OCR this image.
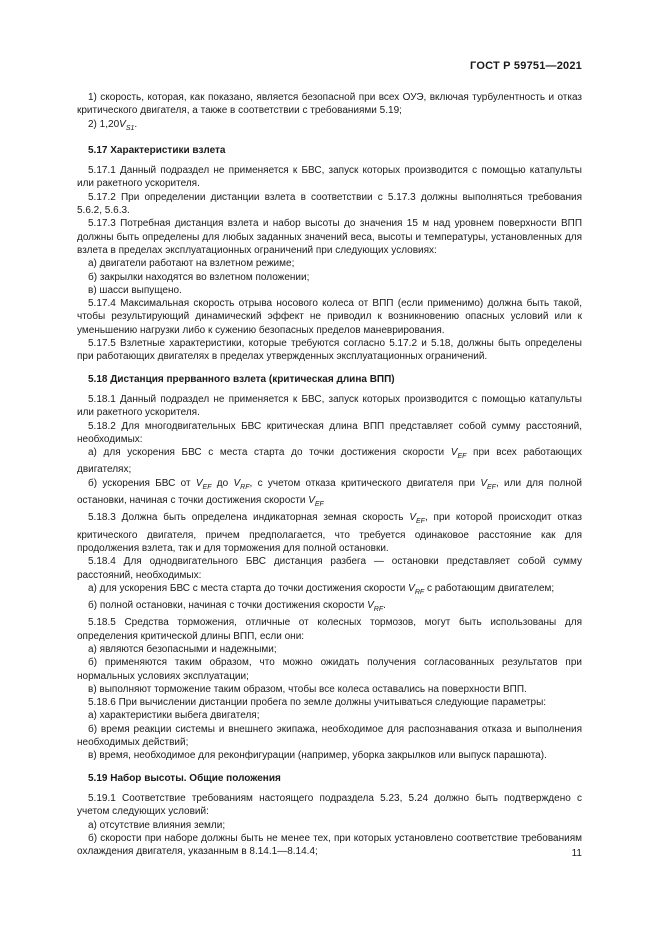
ГОСТ Р 59751—2021

1) скорость, которая, как показано, является безопасной при всех ОУЭ, включая турбулентность и отказ критического двигателя, а также в соответствии с требованиями 5.19;

2) $1,20V_{S1}$.

5.17 Характеристики взлета

5.17.1 Данный подраздел не применяется к БВС, запуск которых производится с помощью катапульты или ракетного ускорителя.

5.17.2 При определении дистанции взлета в соответствии с 5.17.3 должны выполняться требования 5.6.2, 5.6.3.

5.17.3 Потребная дистанция взлета и набор высоты до значения 15 м над уровнем поверхности ВПП должны быть определены для любых заданных значений веса, высоты и температуры, установленных для взлета в пределах эксплуатационных ограничений при следующих условиях:

а) двигатели работают на взлетном режиме;

б) закрылки находятся во взлетном положении;

в) шасси выпущено.

5.17.4 Максимальная скорость отрыва носового колеса от ВПП (если применимо) должна быть такой, чтобы результирующий динамический эффект не приводил к возникновению опасных условий или к уменьшению нагрузки либо к сужению безопасных пределов маневрирования.

5.17.5 Взлетные характеристики, которые требуются согласно 5.17.2 и 5.18, должны быть определены при работающих двигателях в пределах утвержденных эксплуатационных ограничений.

5.18 Дистанция прерванного взлета (критическая длина ВПП)

5.18.1 Данный подраздел не применяется к БВС, запуск которых производится с помощью катапульты или ракетного ускорителя.

5.18.2 Для многодвигательных БВС критическая длина ВПП представляет собой сумму расстояний, необходимых:

а) для ускорения БВС с места старта до точки достижения скорости $V_{EF}$ при всех работающих двигателях;

б) ускорения БВС от $V_{EF}$ до $V_{RF}$, с учетом отказа критического двигателя при $V_{EF}$, или для полной остановки, начиная с точки достижения скорости $V_{EF}$

5.18.3 Должна быть определена индикаторная земная скорость $V_{EF}$, при которой происходит отказ критического двигателя, причем предполагается, что требуется одинаковое расстояние как для продолжения взлета, так и для торможения для полной остановки.

5.18.4 Для однодвигательного БВС дистанция разбега — остановки представляет собой сумму расстояний, необходимых:

а) для ускорения БВС с места старта до точки достижения скорости $V_{RF}$ с работающим двигателем;

б) полной остановки, начиная с точки достижения скорости $V_{RF}$.

5.18.5 Средства торможения, отличные от колесных тормозов, могут быть использованы для определения критической длины ВПП, если они:

а) являются безопасными и надежными;

б) применяются таким образом, что можно ожидать получения согласованных результатов при нормальных условиях эксплуатации;

в) выполняют торможение таким образом, чтобы все колеса оставались на поверхности ВПП.

5.18.6 При вычислении дистанции пробега по земле должны учитываться следующие параметры:

а) характеристики выбега двигателя;

б) время реакции системы и внешнего экипажа, необходимое для распознавания отказа и выполнения необходимых действий;

в) время, необходимое для реконфигурации (например, уборка закрылков или выпуск парашюта).

5.19 Набор высоты. Общие положения

5.19.1 Соответствие требованиям настоящего подраздела 5.23, 5.24 должно быть подтверждено с учетом следующих условий:

а) отсутствие влияния земли;

б) скорости при наборе должны быть не менее тех, при которых установлено соответствие требованиям охлаждения двигателя, указанным в 8.14.1—8.14.4;	11
